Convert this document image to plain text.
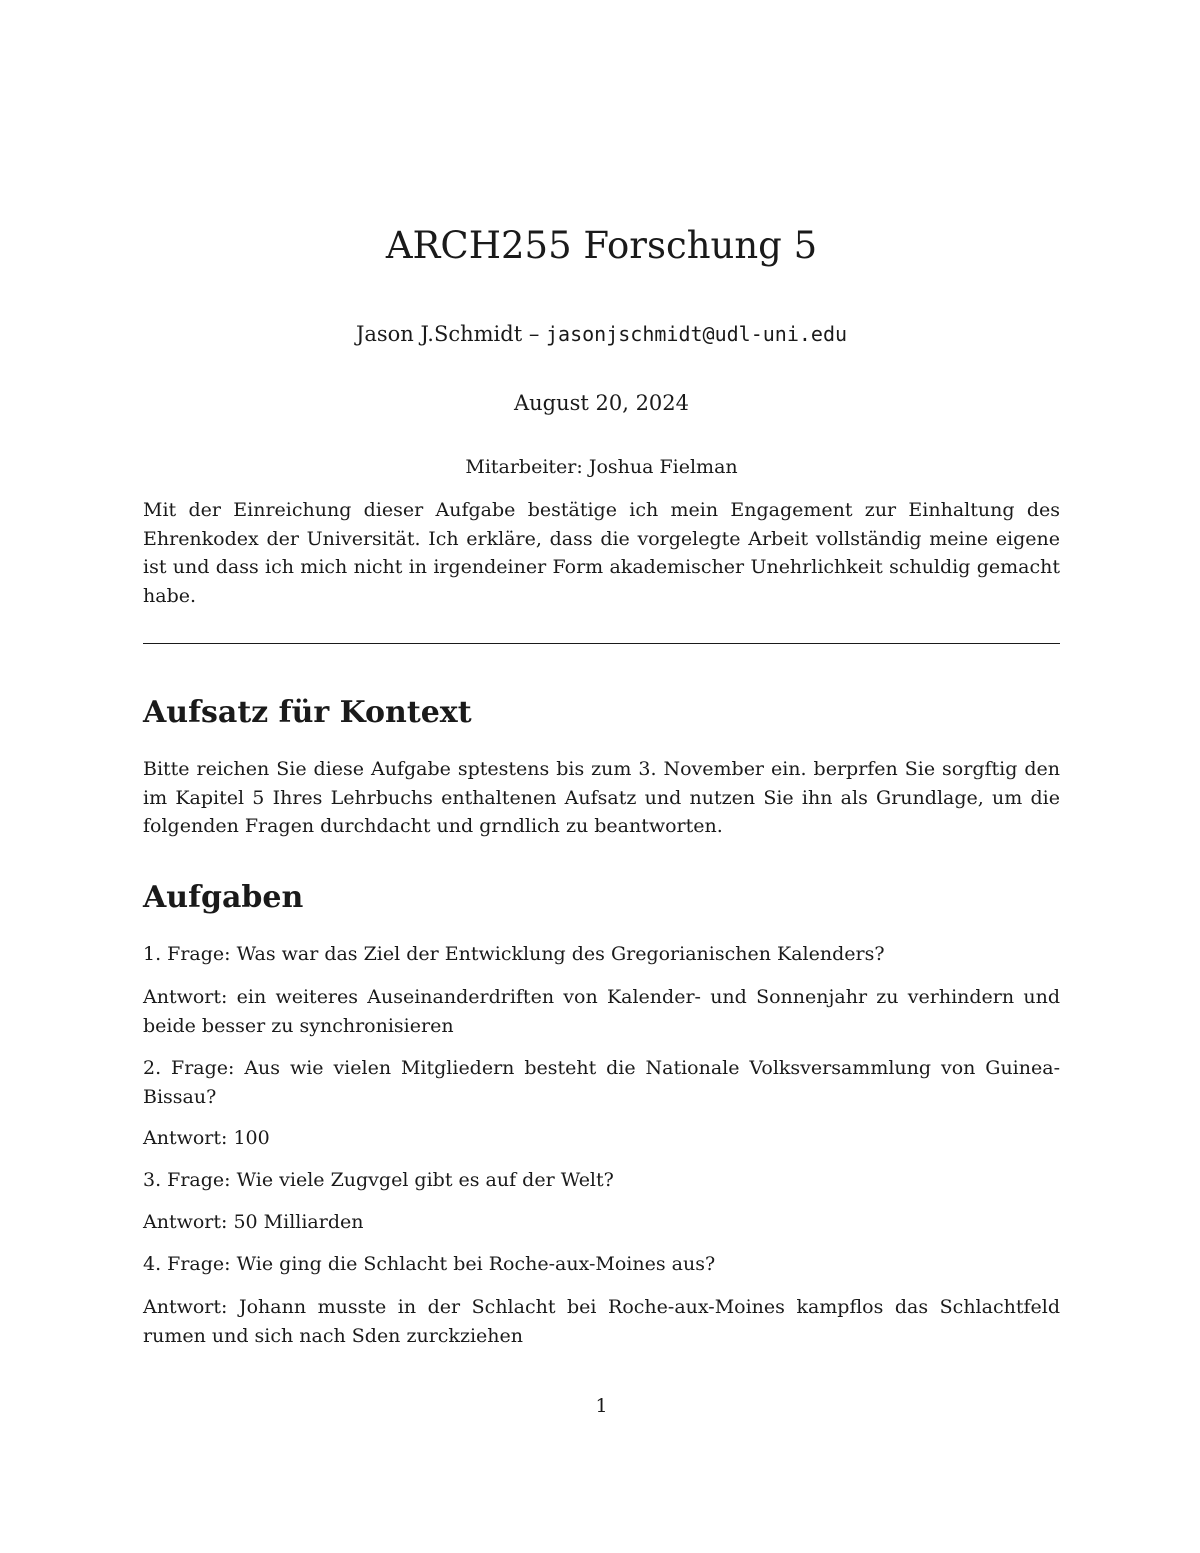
ARCH255 Forschung 5
Jason J.Schmidt – jasonjschmidt@udl-uni.edu
August 20, 2024
Mitarbeiter: Joshua Fielman

Mit der Einreichung dieser Aufgabe bestätige ich mein Engagement zur Einhaltung des Ehrenkodex der Universität. Ich erkläre, dass die vorgelegte Arbeit vollständig meine eigene ist und dass ich mich nicht in irgendeiner Form akademischer Unehrlichkeit schuldig gemacht habe.

Aufsatz für Kontext

Bitte reichen Sie diese Aufgabe sptestens bis zum 3. November ein. berprfen Sie sorgftig den im Kapitel 5 Ihres Lehrbuchs enthaltenen Aufsatz und nutzen Sie ihn als Grundlage, um die folgenden Fragen durchdacht und grndlich zu beantworten.

Aufgaben

1. Frage: Was war das Ziel der Entwicklung des Gregorianischen Kalenders?

Antwort: ein weiteres Auseinanderdriften von Kalender- und Sonnenjahr zu verhindern und beide besser zu synchronisieren

2. Frage: Aus wie vielen Mitgliedern besteht die Nationale Volksversammlung von Guinea-Bissau?

Antwort: 100

3. Frage: Wie viele Zugvgel gibt es auf der Welt?

Antwort: 50 Milliarden

4. Frage: Wie ging die Schlacht bei Roche-aux-Moines aus?

Antwort: Johann musste in der Schlacht bei Roche-aux-Moines kampflos das Schlachtfeld rumen und sich nach Sden zurckziehen

1
